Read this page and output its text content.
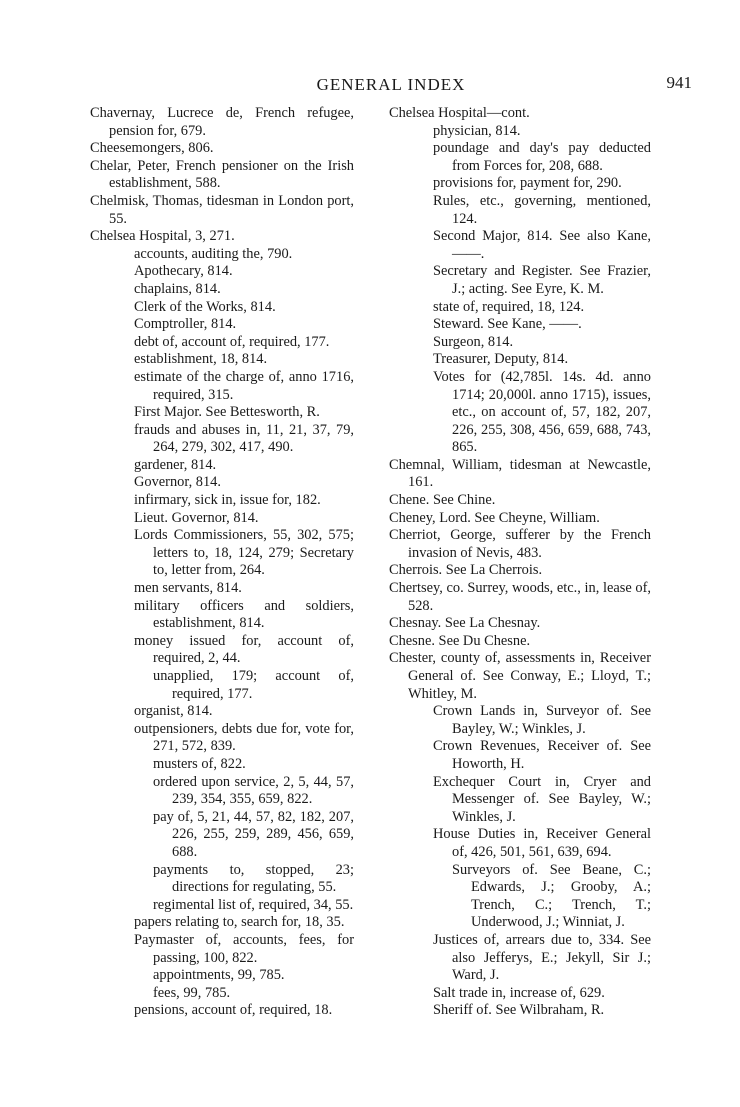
GENERAL INDEX	941
Chavernay, Lucrece de, French refugee, pension for, 679.
Cheesemongers, 806.
Chelar, Peter, French pensioner on the Irish establishment, 588.
Chelmisk, Thomas, tidesman in London port, 55.
Chelsea Hospital, 3, 271.
accounts, auditing the, 790.
Apothecary, 814.
chaplains, 814.
Clerk of the Works, 814.
Comptroller, 814.
debt of, account of, required, 177.
establishment, 18, 814.
estimate of the charge of, anno 1716, required, 315.
First Major. See Bettesworth, R.
frauds and abuses in, 11, 21, 37, 79, 264, 279, 302, 417, 490.
gardener, 814.
Governor, 814.
infirmary, sick in, issue for, 182.
Lieut. Governor, 814.
Lords Commissioners, 55, 302, 575; letters to, 18, 124, 279; Secretary to, letter from, 264.
men servants, 814.
military officers and soldiers, establishment, 814.
money issued for, account of, required, 2, 44.
unapplied, 179; account of, required, 177.
organist, 814.
outpensioners, debts due for, vote for, 271, 572, 839.
musters of, 822.
ordered upon service, 2, 5, 44, 57, 239, 354, 355, 659, 822.
pay of, 5, 21, 44, 57, 82, 182, 207, 226, 255, 259, 289, 456, 659, 688.
payments to, stopped, 23; directions for regulating, 55.
regimental list of, required, 34, 55.
papers relating to, search for, 18, 35.
Paymaster of, accounts, fees, for passing, 100, 822.
appointments, 99, 785.
fees, 99, 785.
pensions, account of, required, 18.
Chelsea Hospital—cont.
physician, 814.
poundage and day's pay deducted from Forces for, 208, 688.
provisions for, payment for, 290.
Rules, etc., governing, mentioned, 124.
Second Major, 814. See also Kane, ——.
Secretary and Register. See Frazier, J.; acting. See Eyre, K. M.
state of, required, 18, 124.
Steward. See Kane, ——.
Surgeon, 814.
Treasurer, Deputy, 814.
Votes for (42,785l. 14s. 4d. anno 1714; 20,000l. anno 1715), issues, etc., on account of, 57, 182, 207, 226, 255, 308, 456, 659, 688, 743, 865.
Chemnal, William, tidesman at Newcastle, 161.
Chene. See Chine.
Cheney, Lord. See Cheyne, William.
Cherriot, George, sufferer by the French invasion of Nevis, 483.
Cherrois. See La Cherrois.
Chertsey, co. Surrey, woods, etc., in, lease of, 528.
Chesnay. See La Chesnay.
Chesne. See Du Chesne.
Chester, county of, assessments in, Receiver General of. See Conway, E.; Lloyd, T.; Whitley, M.
Crown Lands in, Surveyor of. See Bayley, W.; Winkles, J.
Crown Revenues, Receiver of. See Howorth, H.
Exchequer Court in, Cryer and Messenger of. See Bayley, W.; Winkles, J.
House Duties in, Receiver General of, 426, 501, 561, 639, 694.
Surveyors of. See Beane, C.; Edwards, J.; Grooby, A.; Trench, C.; Trench, T.; Underwood, J.; Winniat, J.
Justices of, arrears due to, 334. See also Jefferys, E.; Jekyll, Sir J.; Ward, J.
Salt trade in, increase of, 629.
Sheriff of. See Wilbraham, R.
